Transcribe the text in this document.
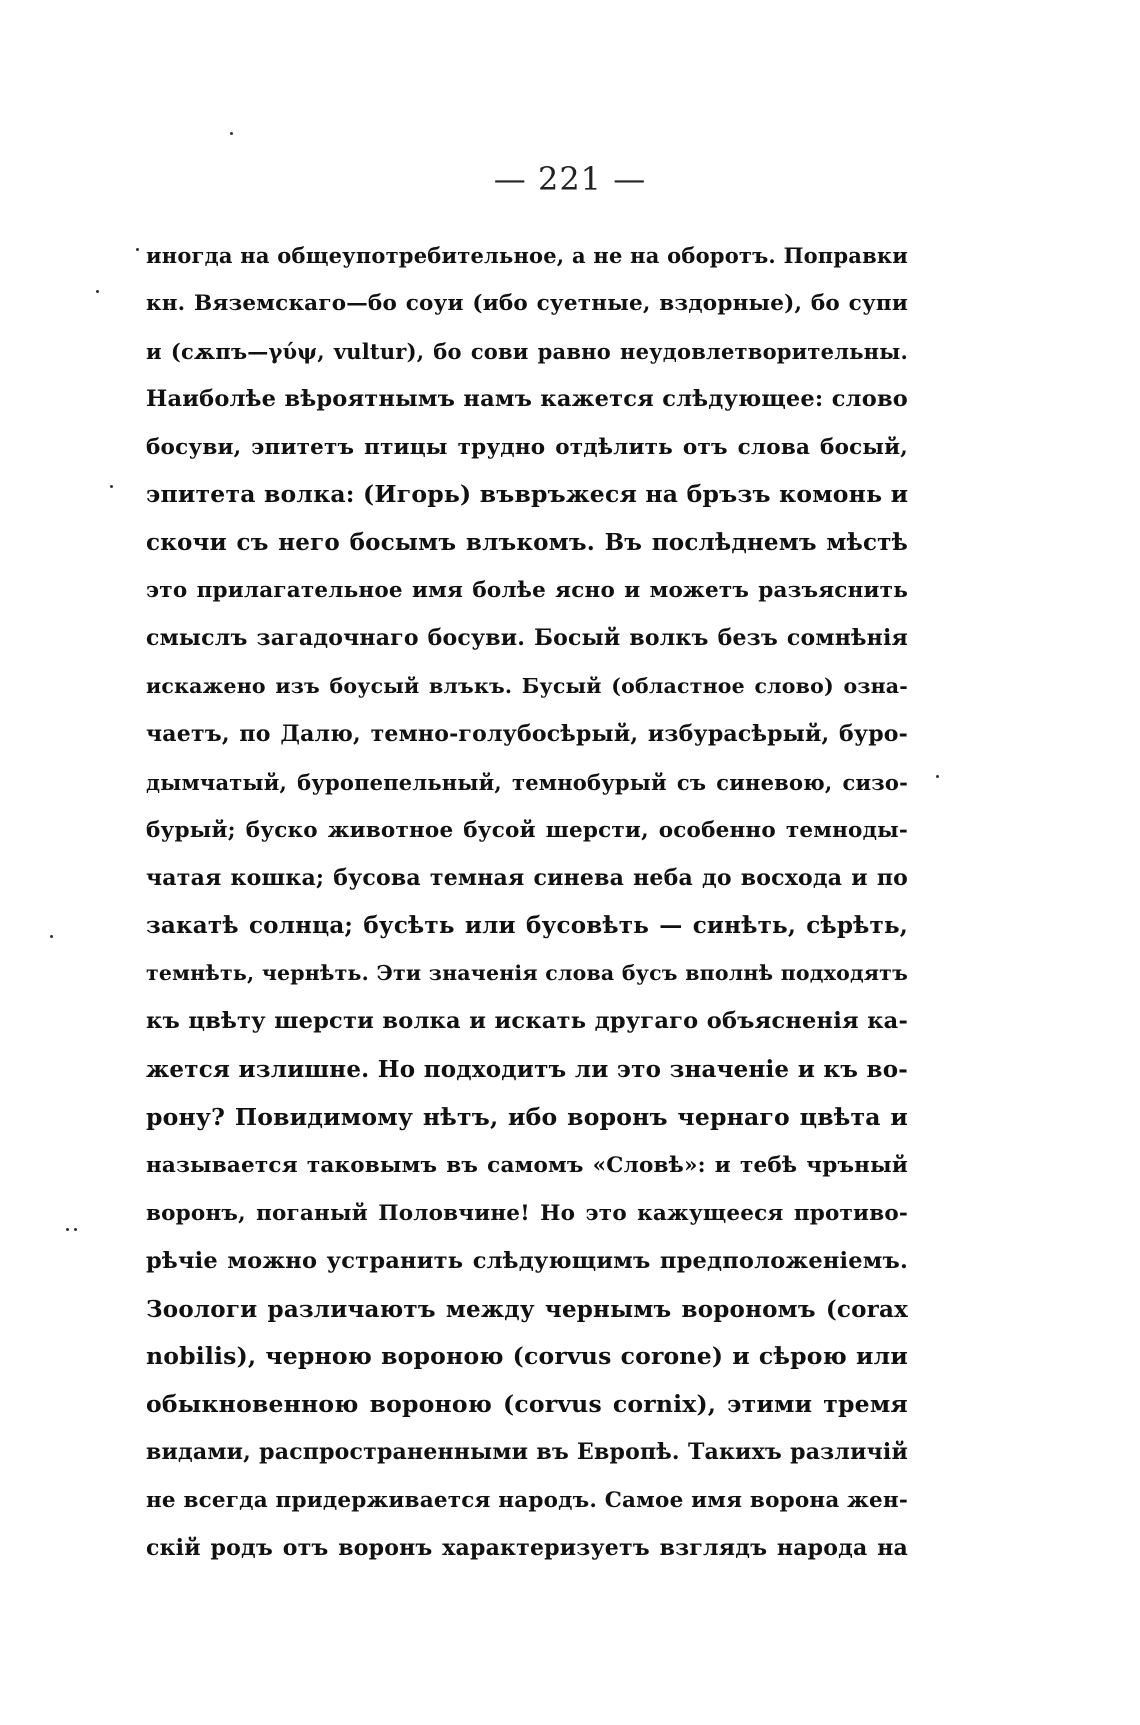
— 221 —
иногда на общеупотребительное, а не на оборотъ. Поправки
кн. Вяземскаго—бо соуи (ибо суетные, вздорные), бо супи
и (сѫпъ—γύψ, vultur), бо сови равно неудовлетворительны.
Наиболѣе вѣроятнымъ намъ кажется слѣдующее: слово
босуви, эпитетъ птицы трудно отдѣлить отъ слова босый,
эпитета волка: (Игорь) въвръжеся на бръзъ комонь и
скочи съ него босымъ влъкомъ. Въ послѣднемъ мѣстѣ
это прилагательное имя болѣе ясно и можетъ разъяснить
смыслъ загадочнаго босуви. Босый волкъ безъ сомнѣнія
искажено изъ боусый влъкъ. Бусый (областное слово) озна-
чаетъ, по Далю, темно-голубосѣрый, избурасѣрый, буро-
дымчатый, буропепельный, темнобурый съ синевою, сизо-
бурый; буско животное бусой шерсти, особенно темноды-
чатая кошка; бусова темная синева неба до восхода и по
закатѣ солнца; бусѣть или бусовѣть — синѣть, сѣрѣть,
темнѣть, чернѣть. Эти значенія слова бусъ вполнѣ подходятъ
къ цвѣту шерсти волка и искать другаго объясненія ка-
жется излишне. Но подходитъ ли это значеніе и къ во-
рону? Повидимому нѣтъ, ибо воронъ чернаго цвѣта и
называется таковымъ въ самомъ «Словѣ»: и тебѣ чръный
воронъ, поганый Половчине! Но это кажущееся противо-
рѣчіе можно устранить слѣдующимъ предположеніемъ.
Зоологи различаютъ между чернымъ ворономъ (corax
nobilis), черною вороною (corvus corone) и сѣрою или
обыкновенною вороною (corvus cornix), этими тремя
видами, распространенными въ Европѣ. Такихъ различій
не всегда придерживается народъ. Самое имя ворона жен-
скій родъ отъ воронъ характеризуетъ взглядъ народа на
